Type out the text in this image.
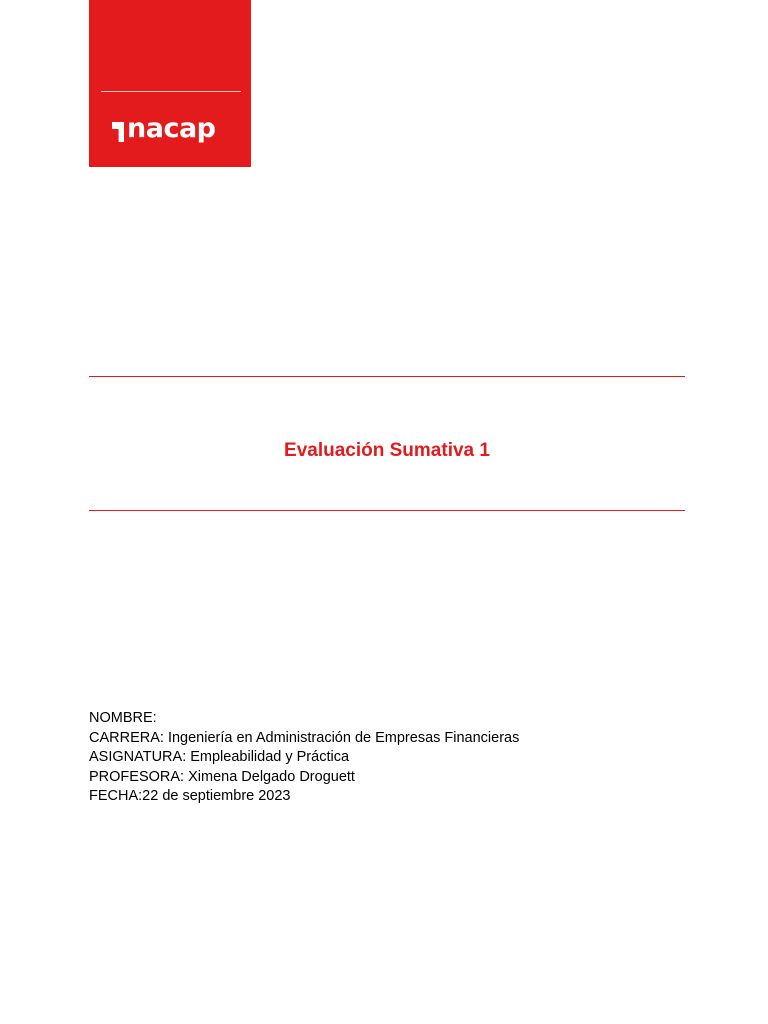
nacap
Evaluación Sumativa 1
NOMBRE:
CARRERA: Ingeniería en Administración de Empresas Financieras
ASIGNATURA: Empleabilidad y Práctica
PROFESORA: Ximena Delgado Droguett
FECHA:22 de septiembre 2023
